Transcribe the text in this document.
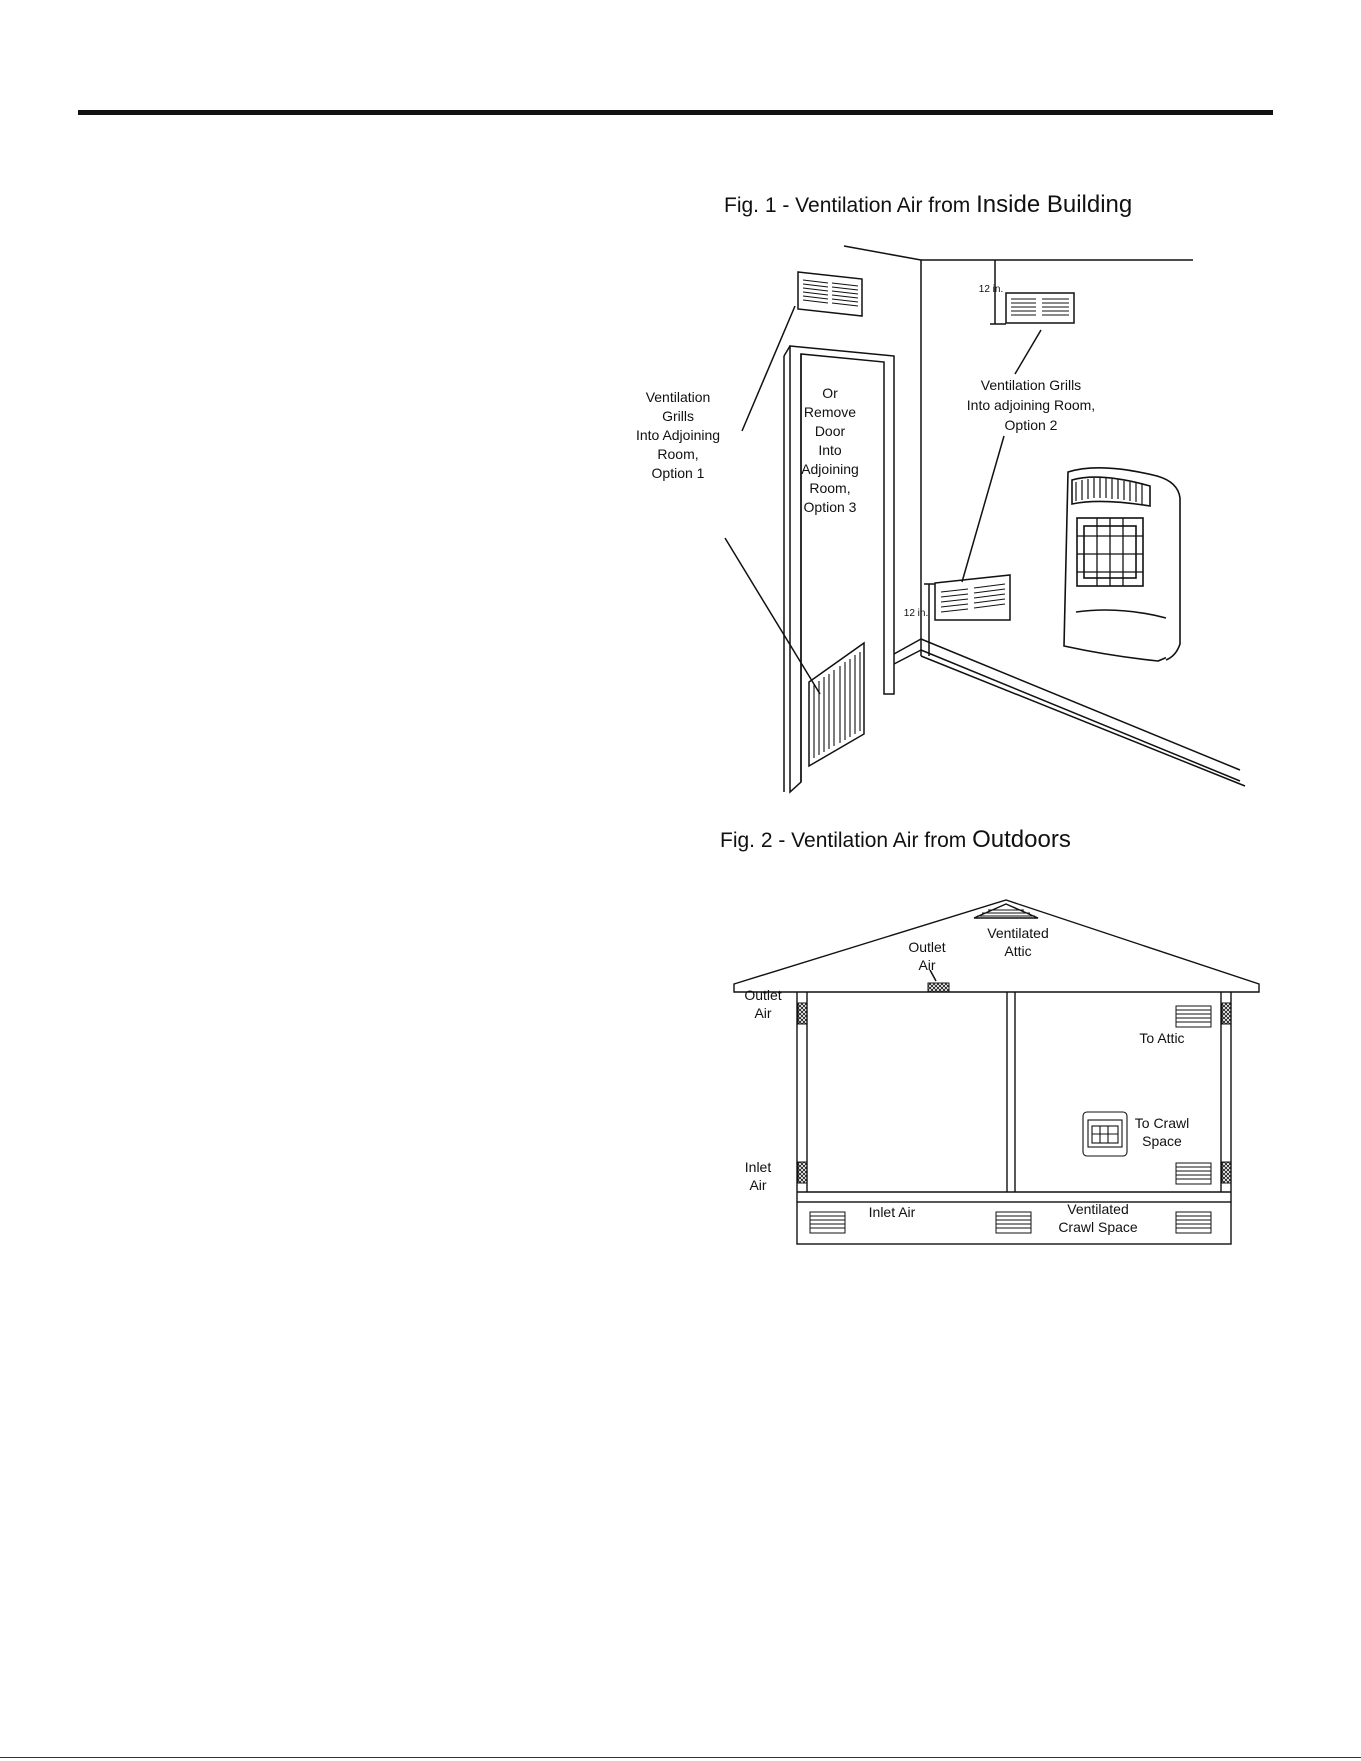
Fig. 1 - Ventilation Air from Inside Building
Ventilation
Grills
Into Adjoining
Room,
Option 1
Or
Remove
Door
Into
Adjoining
Room,
Option 3
Ventilation Grills
Into adjoining Room,
Option 2
12 in.
12 in.
Fig. 2 - Ventilation Air from Outdoors
Ventilated
Attic
Outlet
Air
Outlet
Air
Inlet
Air
To Attic
To Crawl
Space
Inlet Air	Ventilated
Crawl Space
